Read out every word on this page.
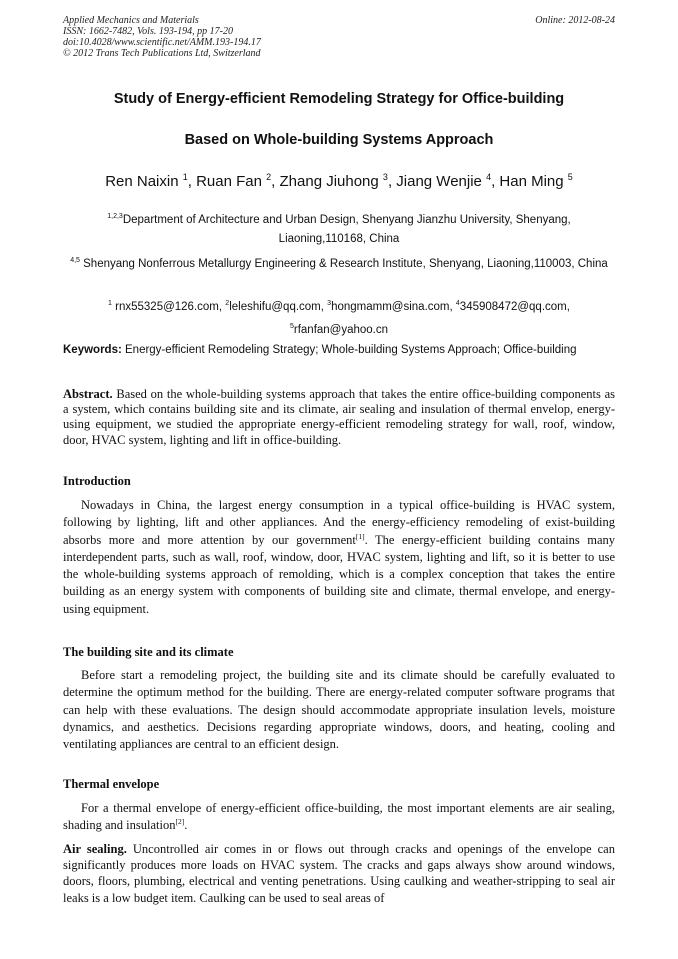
Applied Mechanics and Materials
ISSN: 1662-7482, Vols. 193-194, pp 17-20
doi:10.4028/www.scientific.net/AMM.193-194.17
© 2012 Trans Tech Publications Ltd, Switzerland
Online: 2012-08-24
Study of Energy-efficient Remodeling Strategy for Office-building
Based on Whole-building Systems Approach
Ren Naixin $^1$, Ruan Fan $^2$, Zhang Jiuhong $^3$, Jiang Wenjie $^4$, Han Ming $^5$
$^{1,2,3}$Department of Architecture and Urban Design, Shenyang Jianzhu University, Shenyang, Liaoning,110168, China
$^{4,5}$ Shenyang Nonferrous Metallurgy Engineering & Research Institute, Shenyang, Liaoning,110003, China
$^1$ rnx55325@126.com, $^2$leleshifu@qq.com, $^3$hongmamm@sina.com, $^4$345908472@qq.com,
$^5$rfanfan@yahoo.cn
Keywords: Energy-efficient Remodeling Strategy; Whole-building Systems Approach; Office-building
Abstract. Based on the whole-building systems approach that takes the entire office-building components as a system, which contains building site and its climate, air sealing and insulation of thermal envelop, energy-using equipment, we studied the appropriate energy-efficient remodeling strategy for wall, roof, window, door, HVAC system, lighting and lift in office-building.
Introduction
Nowadays in China, the largest energy consumption in a typical office-building is HVAC system, following by lighting, lift and other appliances. And the energy-efficiency remodeling of exist-building absorbs more and more attention by our government[1]. The energy-efficient building contains many interdependent parts, such as wall, roof, window, door, HVAC system, lighting and lift, so it is better to use the whole-building systems approach of remolding, which is a complex conception that takes the entire building as an energy system with components of building site and climate, thermal envelope, and energy-using equipment.
The building site and its climate
Before start a remodeling project, the building site and its climate should be carefully evaluated to determine the optimum method for the building. There are energy-related computer software programs that can help with these evaluations. The design should accommodate appropriate insulation levels, moisture dynamics, and aesthetics. Decisions regarding appropriate windows, doors, and heating, cooling and ventilating appliances are central to an efficient design.
Thermal envelope
For a thermal envelope of energy-efficient office-building, the most important elements are air sealing, shading and insulation[2].
Air sealing. Uncontrolled air comes in or flows out through cracks and openings of the envelope can significantly produces more loads on HVAC system. The cracks and gaps always show around windows, doors, floors, plumbing, electrical and venting penetrations. Using caulking and weather-stripping to seal air leaks is a low budget item. Caulking can be used to seal areas of
